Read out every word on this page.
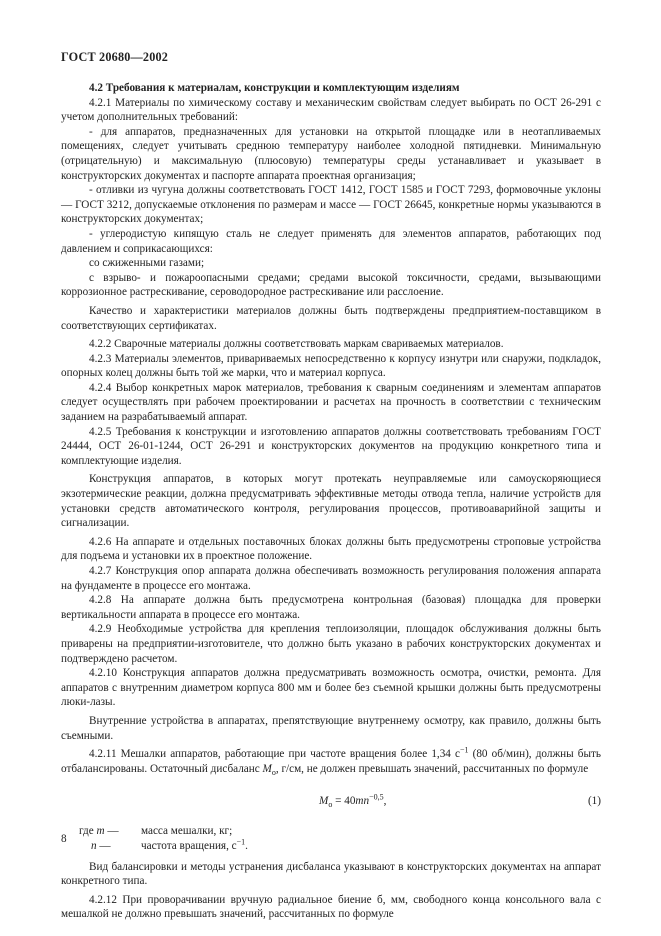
ГОСТ 20680—2002
4.2 Требования к материалам, конструкции и комплектующим изделиям

4.2.1 Материалы по химическому составу и механическим свойствам следует выбирать по ОСТ 26-291 с учетом дополнительных требований:

- для аппаратов, предназначенных для установки на открытой площадке или в неотапливаемых помещениях, следует учитывать среднюю температуру наиболее холодной пятидневки. Минимальную (отрицательную) и максимальную (плюсовую) температуры среды устанавливает и указывает в конструкторских документах и паспорте аппарата проектная организация;

- отливки из чугуна должны соответствовать ГОСТ 1412, ГОСТ 1585 и ГОСТ 7293, формовочные уклоны — ГОСТ 3212, допускаемые отклонения по размерам и массе — ГОСТ 26645, конкретные нормы указываются в конструкторских документах;

- углеродистую кипящую сталь не следует применять для элементов аппаратов, работающих под давлением и соприкасающихся:

со сжиженными газами;

с взрыво- и пожароопасными средами; средами высокой токсичности, средами, вызывающими коррозионное растрескивание, сероводородное растрескивание или расслоение.

Качество и характеристики материалов должны быть подтверждены предприятием-поставщиком в соответствующих сертификатах.

4.2.2 Сварочные материалы должны соответствовать маркам свариваемых материалов.

4.2.3 Материалы элементов, привариваемых непосредственно к корпусу изнутри или снаружи, подкладок, опорных колец должны быть той же марки, что и материал корпуса.

4.2.4 Выбор конкретных марок материалов, требования к сварным соединениям и элементам аппаратов следует осуществлять при рабочем проектировании и расчетах на прочность в соответствии с техническим заданием на разрабатываемый аппарат.

4.2.5 Требования к конструкции и изготовлению аппаратов должны соответствовать требованиям ГОСТ 24444, ОСТ 26-01-1244, ОСТ 26-291 и конструкторских документов на продукцию конкретного типа и комплектующие изделия.

Конструкция аппаратов, в которых могут протекать неуправляемые или самоускоряющиеся экзотермические реакции, должна предусматривать эффективные методы отвода тепла, наличие устройств для установки средств автоматического контроля, регулирования процессов, противоаварийной защиты и сигнализации.

4.2.6 На аппарате и отдельных поставочных блоках должны быть предусмотрены строповые устройства для подъема и установки их в проектное положение.

4.2.7 Конструкция опор аппарата должна обеспечивать возможность регулирования положения аппарата на фундаменте в процессе его монтажа.

4.2.8 На аппарате должна быть предусмотрена контрольная (базовая) площадка для проверки вертикальности аппарата в процессе его монтажа.

4.2.9 Необходимые устройства для крепления теплоизоляции, площадок обслуживания должны быть приварены на предприятии-изготовителе, что должно быть указано в рабочих конструкторских документах и подтверждено расчетом.

4.2.10 Конструкция аппаратов должна предусматривать возможность осмотра, очистки, ремонта. Для аппаратов с внутренним диаметром корпуса 800 мм и более без съемной крышки должны быть предусмотрены люки-лазы.

Внутренние устройства в аппаратах, препятствующие внутреннему осмотру, как правило, должны быть съемными.

4.2.11 Мешалки аппаратов, работающие при частоте вращения более 1,34 $с^{-1}$ (80 об/мин), должны быть отбалансированы. Остаточный дисбаланс $M_о$, г/см, не должен превышать значений, рассчитанных по формуле

$M_о = 40mn^{-0,5}$,	(1)
где m — масса мешалки, кг;
n —	частота вращения, $с^{-1}$.

Вид балансировки и методы устранения дисбаланса указывают в конструкторских документах на аппарат конкретного типа.

4.2.12 При проворачивании вручную радиальное биение б, мм, свободного конца консольного вала с мешалкой не должно превышать значений, рассчитанных по формуле

8
